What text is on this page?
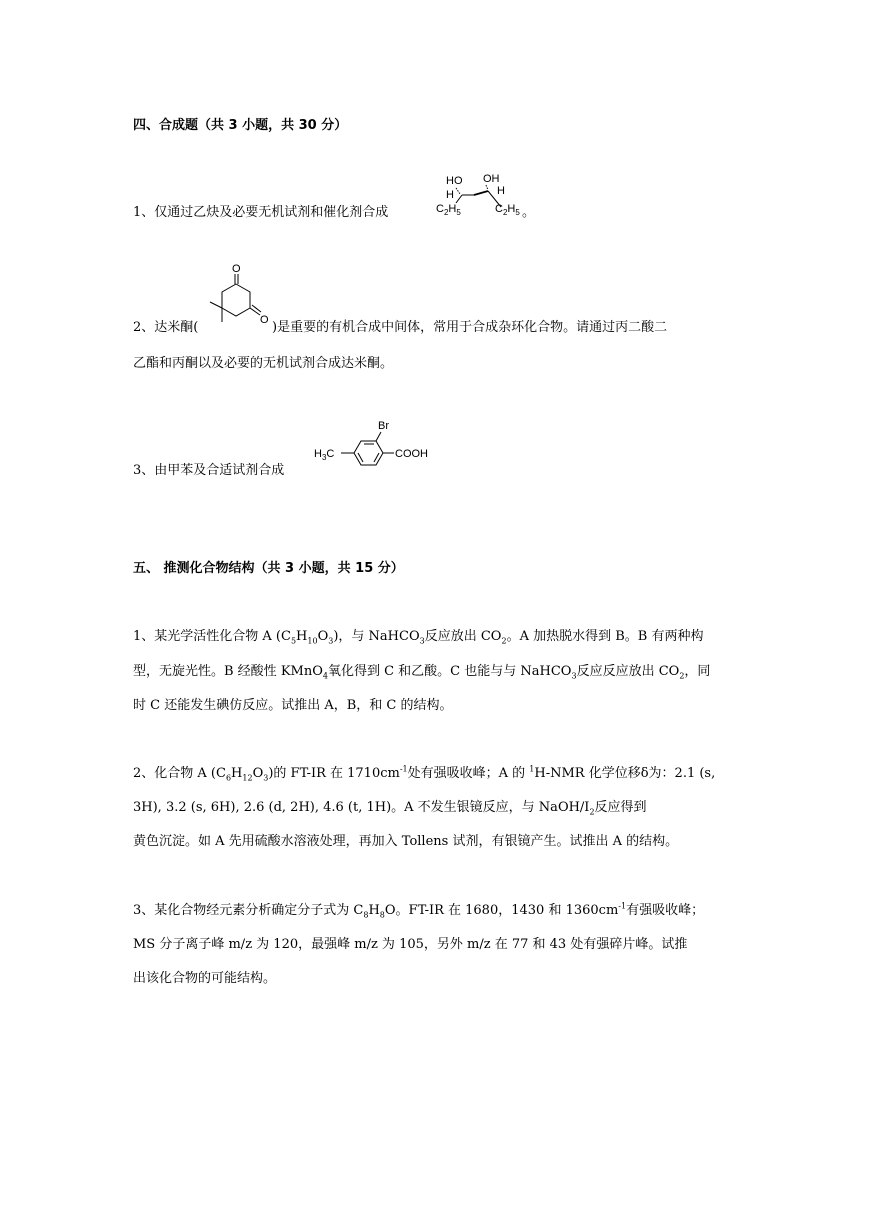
四、合成题（共 3 小题，共 30 分）
1、仅通过乙炔及必要无机试剂和催化剂合成
HO OH
H	H
$C_2H_5$	$C_2H_5$ 。
2、达米酮(
O
O )是重要的有机合成中间体，常用于合成杂环化合物。请通过丙二酸二
乙酯和丙酮以及必要的无机试剂合成达米酮。
3、由甲苯及合适试剂合成
Br
$H_3C$	COOH
五、 推测化合物结构（共 3 小题，共 15 分）
1、某光学活性化合物 A $(C_5H_{10}O_3)$，与 NaHCO$_3$反应放出 $CO_2$。A 加热脱水得到 B。B 有两种构
型，无旋光性。B 经酸性 KMnO$_4$氧化得到 C 和乙酸。C 也能与与 NaHCO$_3$反应反应放出 $CO_2$，同
时 C 还能发生碘仿反应。试推出 A，B，和 C 的结构。
2、化合物 A $(C_6H_{12}O_3)$的 FT-IR 在 $1710cm^{-1}$处有强吸收峰；A 的 $^1$H-NMR 化学位移δ为：2.1 (s,
3H), 3.2 (s, 6H), 2.6 (d, 2H), 4.6 (t, 1H)。A 不发生银镜反应，与 NaOH/$I_2$反应得到
黄色沉淀。如 A 先用硫酸水溶液处理，再加入 Tollens 试剂，有银镜产生。试推出 A 的结构。
3、某化合物经元素分析确定分子式为 $C_8H_8O$。FT-IR 在 1680，1430 和 $1360cm^{-1}$有强吸收峰；
MS 分子离子峰 m/z 为 120，最强峰 m/z 为 105，另外 m/z 在 77 和 43 处有强碎片峰。试推
出该化合物的可能结构。
